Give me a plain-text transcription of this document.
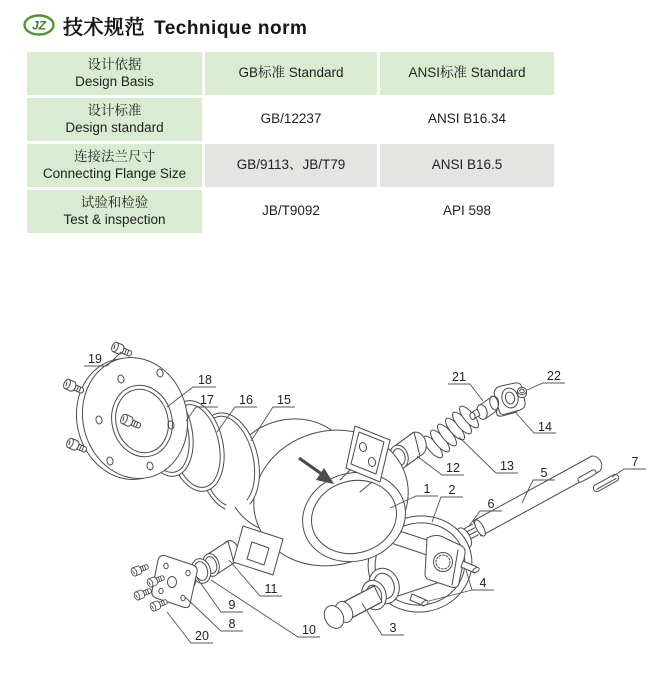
JZ 技术规范 Technique norm
设计依据
Design Basis
GB标准 Standard	ANSI标准 Standard
设计标准
Design standard
GB/12237	ANSI B16.34
连接法兰尺寸
Connecting Flange Size
GB/9113、JB/T79	ANSI B16.5
试验和检验
Test & inspection
JB/T9092	API 598
19
18
17 16 15
21	22
14
12	13 5
7
6
1 2
4
3
11
9
8
20	10
